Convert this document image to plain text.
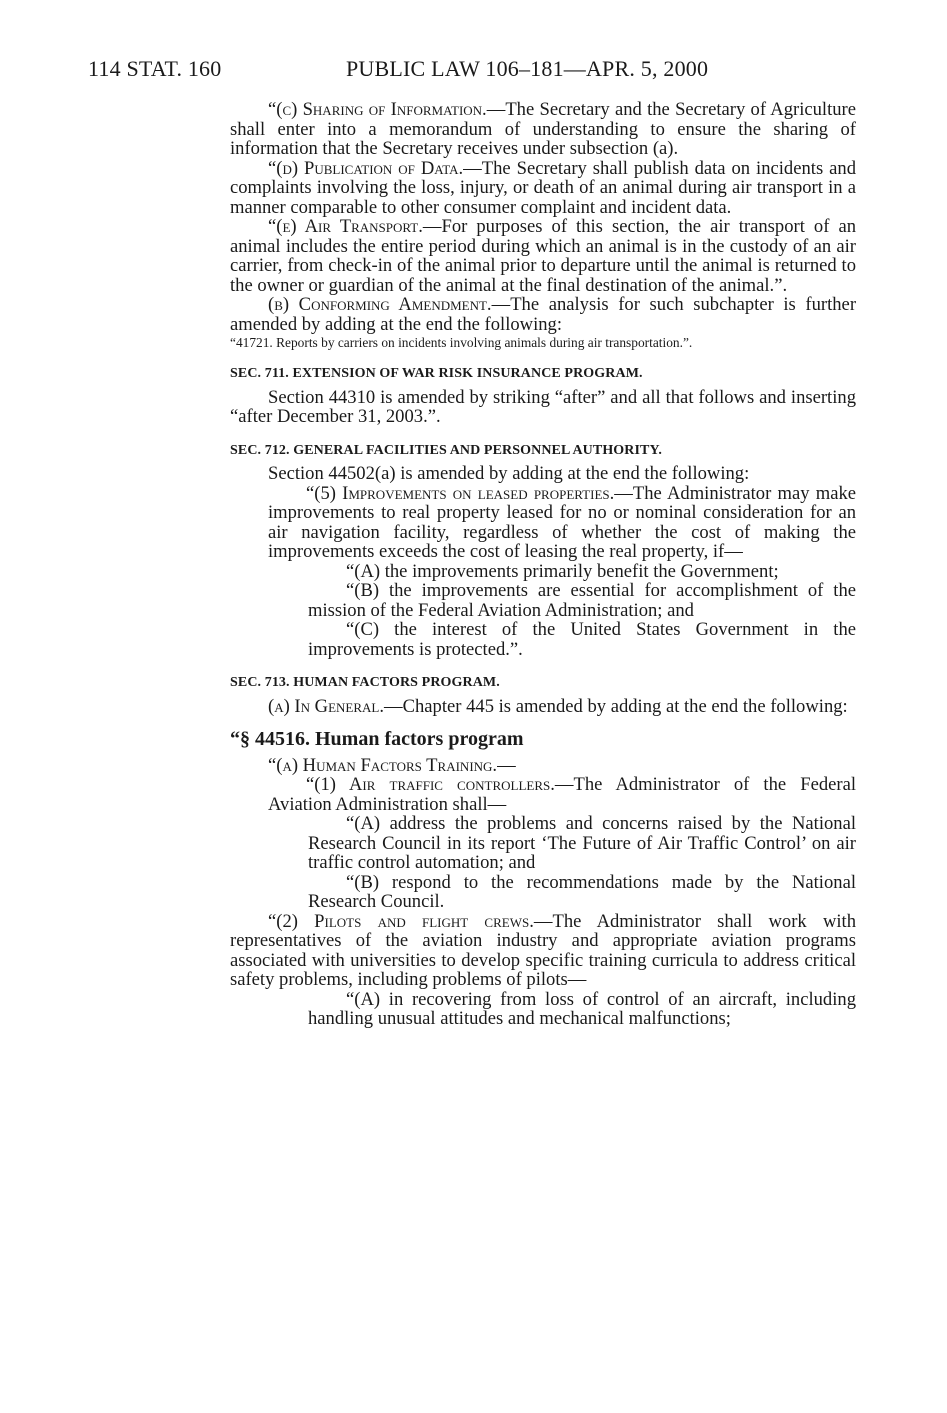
114 STAT. 160	PUBLIC LAW 106–181—APR. 5, 2000

“(c) Sharing of Information.—The Secretary and the Secretary of Agriculture shall enter into a memorandum of understanding to ensure the sharing of information that the Secretary receives under subsection (a).

“(d) Publication of Data.—The Secretary shall publish data on incidents and complaints involving the loss, injury, or death of an animal during air transport in a manner comparable to other consumer complaint and incident data.

“(e) Air Transport.—For purposes of this section, the air transport of an animal includes the entire period during which an animal is in the custody of an air carrier, from check-in of the animal prior to departure until the animal is returned to the owner or guardian of the animal at the final destination of the animal.”.

(b) Conforming Amendment.—The analysis for such subchapter is further amended by adding at the end the following:

“41721. Reports by carriers on incidents involving animals during air transportation.”.

SEC. 711. EXTENSION OF WAR RISK INSURANCE PROGRAM.

Section 44310 is amended by striking “after” and all that follows and inserting “after December 31, 2003.”.

SEC. 712. GENERAL FACILITIES AND PERSONNEL AUTHORITY.

Section 44502(a) is amended by adding at the end the following:

“(5) Improvements on leased properties.—The Administrator may make improvements to real property leased for no or nominal consideration for an air navigation facility, regardless of whether the cost of making the improvements exceeds the cost of leasing the real property, if—

“(A) the improvements primarily benefit the Government;

“(B) the improvements are essential for accomplishment of the mission of the Federal Aviation Administration; and

“(C) the interest of the United States Government in the improvements is protected.”.

SEC. 713. HUMAN FACTORS PROGRAM.

(a) In General.—Chapter 445 is amended by adding at the end the following:

“§ 44516. Human factors program

“(a) Human Factors Training.—

“(1) Air traffic controllers.—The Administrator of the Federal Aviation Administration shall—

“(A) address the problems and concerns raised by the National Research Council in its report ‘The Future of Air Traffic Control’ on air traffic control automation; and

“(B) respond to the recommendations made by the National Research Council.

“(2) Pilots and flight crews.—The Administrator shall work with representatives of the aviation industry and appropriate aviation programs associated with universities to develop specific training curricula to address critical safety problems, including problems of pilots—

“(A) in recovering from loss of control of an aircraft, including handling unusual attitudes and mechanical malfunctions;
